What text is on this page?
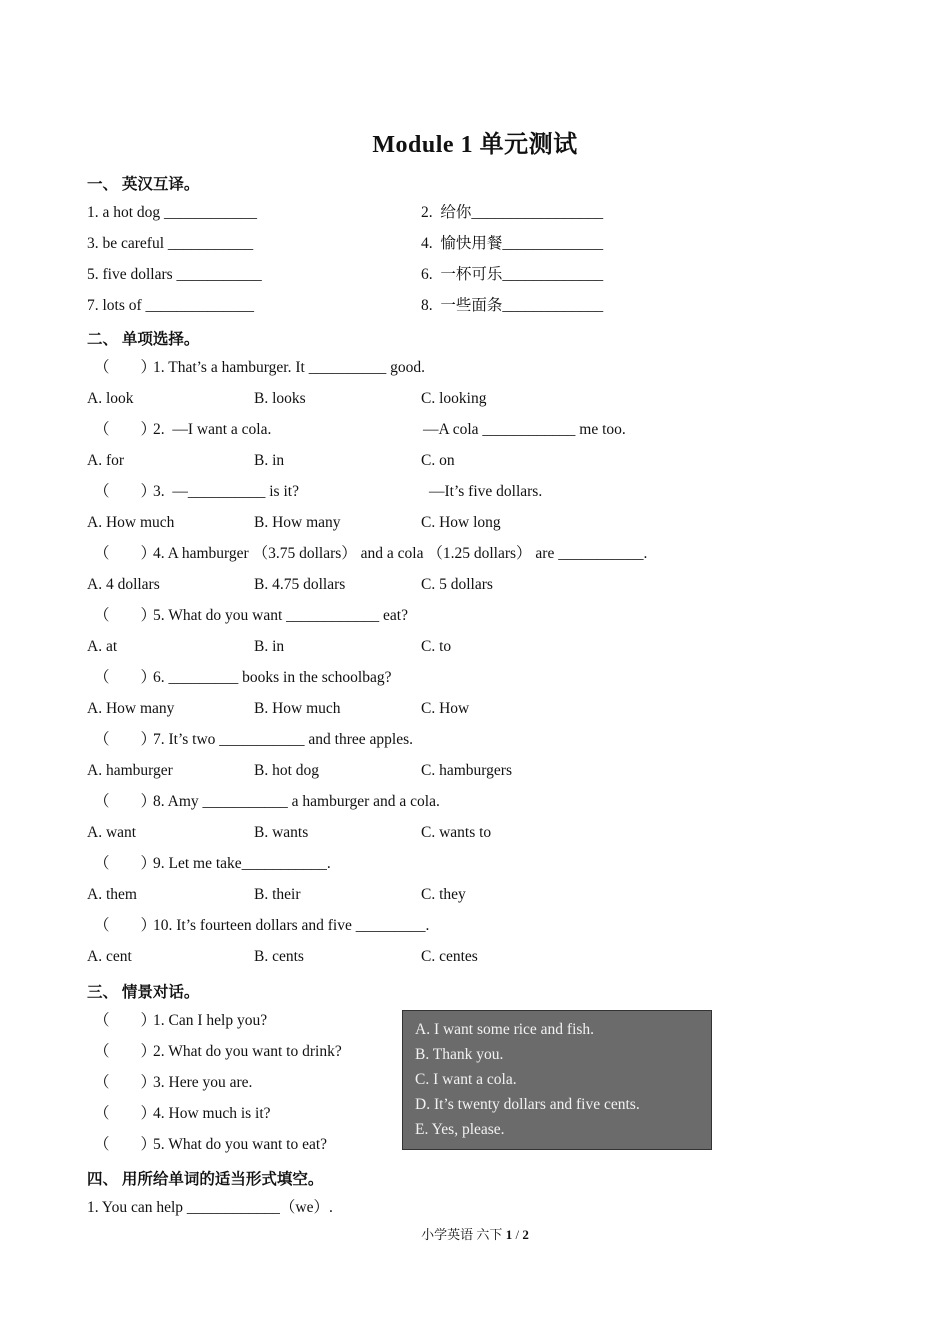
Module 1 单元测试
一、 英汉互译。
1. a hot dog ____________	2.  给你_________________
3. be careful ___________	4.  愉快用餐_____________
5. five dollars ___________	6.  一杯可乐_____________
7. lots of ______________	8.  一些面条_____________
二、 单项选择。
（        ）
1. That’s a hamburger. It __________ good.
A. look	B. looks	C. looking
（        ）
2.  —I want a cola.	—A cola ____________ me too.
A. for	B. in	C. on
（        ）
3.  —__________ is it?	—It’s five dollars.
A. How much	B. How many	C. How long
（        ）
4. A hamburger （3.75 dollars） and a cola （1.25 dollars） are ___________.
A. 4 dollars	B. 4.75 dollars	C. 5 dollars
（        ）
5. What do you want ____________ eat?
A. at	B. in	C. to
（        ）
6. _________ books in the schoolbag?
A. How many	B. How much	C. How
（        ）
7. It’s two ___________ and three apples.
A. hamburger	B. hot dog	C. hamburgers
（        ）
8. Amy ___________ a hamburger and a cola.
A. want	B. wants	C. wants to
（        ）
9. Let me take___________.
A. them	B. their	C. they
（        ）
10. It’s fourteen dollars and five _________.
A. cent	B. cents	C. centes
三、 情景对话。
（        ）
1. Can I help you?
（        ）
2. What do you want to drink?
（        ）
3. Here you are.
（        ）
4. How much is it?
（        ）
5. What do you want to eat?
A. I want some rice and fish.
B. Thank you.
C. I want a cola.
D. It’s twenty dollars and five cents.
E. Yes, please.
四、 用所给单词的适当形式填空。
1. You can help ____________（we）.
小学英语 六下 1 / 2
